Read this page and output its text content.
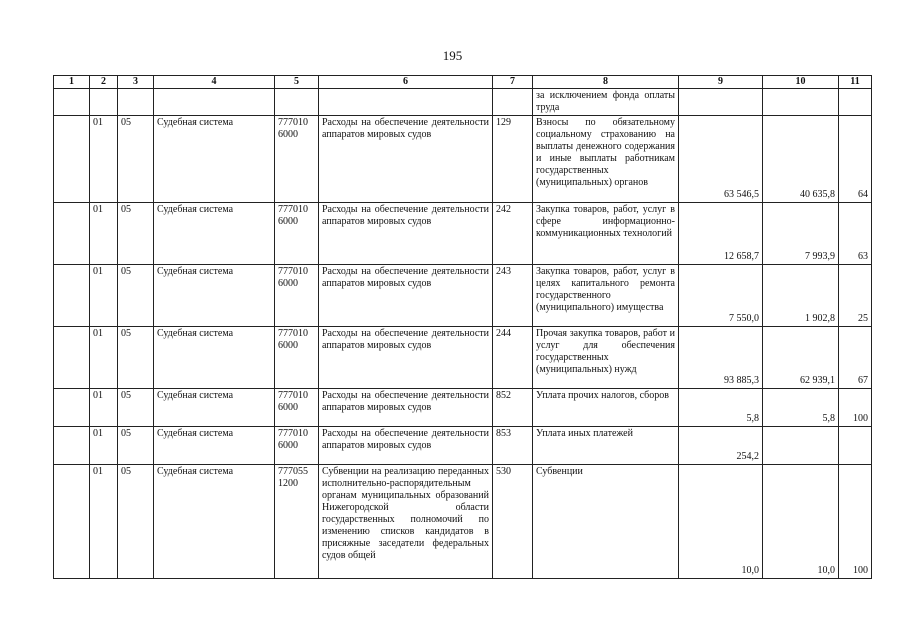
195
1	2	3	4	5	6	7	8	9	10	11
							за исключением фонда оплаты труда			
	01	05	Судебная система	777010 6000	Расходы на обеспечение деятельности аппаратов мировых судов	129	Взносы по обязательному социальному страхованию на выплаты денежного содержания и иные выплаты работникам государственных (муниципальных) органов	63 546,5	40 635,8	64
	01	05	Судебная система	777010 6000	Расходы на обеспечение деятельности аппаратов мировых судов	242	Закупка товаров, работ, услуг в сфере информационно-коммуникационных технологий	12 658,7	7 993,9	63
	01	05	Судебная система	777010 6000	Расходы на обеспечение деятельности аппаратов мировых судов	243	Закупка товаров, работ, услуг в целях капитального ремонта государственного (муниципального) имущества	7 550,0	1 902,8	25
	01	05	Судебная система	777010 6000	Расходы на обеспечение деятельности аппаратов мировых судов	244	Прочая закупка товаров, работ и услуг для обеспечения государственных (муниципальных) нужд	93 885,3	62 939,1	67
	01	05	Судебная система	777010 6000	Расходы на обеспечение деятельности аппаратов мировых судов	852	Уплата прочих налогов, сборов	5,8	5,8	100
	01	05	Судебная система	777010 6000	Расходы на обеспечение деятельности аппаратов мировых судов	853	Уплата иных платежей	254,2		
	01	05	Судебная система	777055 1200	Субвенции на реализацию переданных исполнительно-распорядительным органам муниципальных образований Нижегородской области государственных полномочий по изменению списков кандидатов в присяжные заседатели федеральных судов общей	530	Субвенции	10,0	10,0	100
